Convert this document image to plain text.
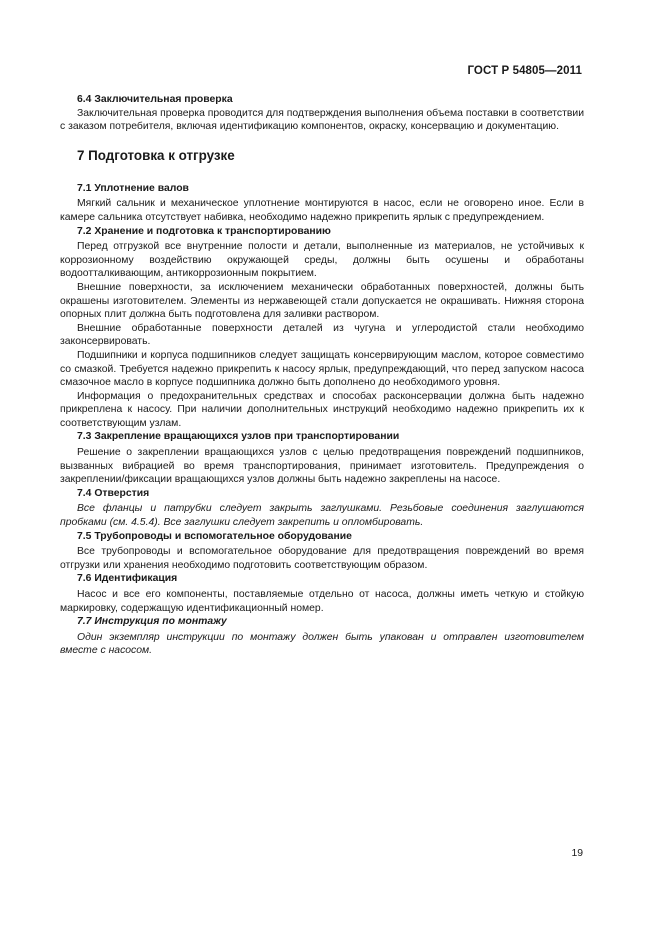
ГОСТ Р 54805—2011

6.4 Заключительная проверка

Заключительная проверка проводится для подтверждения выполнения объема поставки в соответствии с заказом потребителя, включая идентификацию компонентов, окраску, консервацию и документацию.

7 Подготовка к отгрузке

7.1 Уплотнение валов

Мягкий сальник и механическое уплотнение монтируются в насос, если не оговорено иное. Если в камере сальника отсутствует набивка, необходимо надежно прикрепить ярлык с предупреждением.

7.2 Хранение и подготовка к транспортированию

Перед отгрузкой все внутренние полости и детали, выполненные из материалов, не устойчивых к коррозионному воздействию окружающей среды, должны быть осушены и обработаны водоотталкивающим, антикоррозионным покрытием.

Внешние поверхности, за исключением механически обработанных поверхностей, должны быть окрашены изготовителем. Элементы из нержавеющей стали допускается не окрашивать. Нижняя сторона опорных плит должна быть подготовлена для заливки раствором.

Внешние обработанные поверхности деталей из чугуна и углеродистой стали необходимо законсервировать.

Подшипники и корпуса подшипников следует защищать консервирующим маслом, которое совместимо со смазкой. Требуется надежно прикрепить к насосу ярлык, предупреждающий, что перед запуском насоса смазочное масло в корпусе подшипника должно быть дополнено до необходимого уровня.

Информация о предохранительных средствах и способах расконсервации должна быть надежно прикреплена к насосу. При наличии дополнительных инструкций необходимо надежно прикрепить их к соответствующим узлам.

7.3 Закрепление вращающихся узлов при транспортировании

Решение о закреплении вращающихся узлов с целью предотвращения повреждений подшипников, вызванных вибрацией во время транспортирования, принимает изготовитель. Предупреждения о закреплении/фиксации вращающихся узлов должны быть надежно закреплены на насосе.

7.4 Отверстия

Все фланцы и патрубки следует закрыть заглушками. Резьбовые соединения заглушаются пробками (см. 4.5.4). Все заглушки следует закрепить и опломбировать.

7.5 Трубопроводы и вспомогательное оборудование

Все трубопроводы и вспомогательное оборудование для предотвращения повреждений во время отгрузки или хранения необходимо подготовить соответствующим образом.

7.6 Идентификация

Насос и все его компоненты, поставляемые отдельно от насоса, должны иметь четкую и стойкую маркировку, содержащую идентификационный номер.

7.7 Инструкция по монтажу

Один экземпляр инструкции по монтажу должен быть упакован и отправлен изготовителем вместе с насосом.

19
